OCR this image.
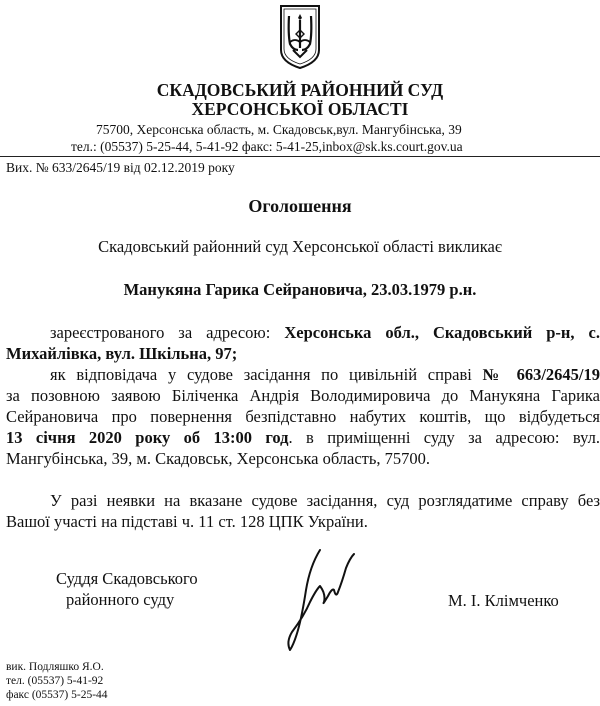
СКАДОВСЬКИЙ РАЙОННИЙ СУД
ХЕРСОНСЬКОЇ ОБЛАСТІ
75700, Херсонська область, м. Скадовськ,вул. Мангубінська, 39
тел.: (05537) 5-25-44, 5-41-92 факс: 5-41-25,inbox@sk.ks.court.gov.ua
Вих. № 633/2645/19 від 02.12.2019 року
Оголошення
Скадовський районний суд Херсонської області викликає
Манукяна Гарика Сейрановича, 23.03.1979 р.н.
зареєстрованого за адресою: Херсонська обл., Скадовський р-н, с.
Михайлівка, вул. Шкільна, 97;
як відповідача у судове засідання по цивільній справі № 663/2645/19
за позовною заявою Біліченка Андрія Володимировича до Манукяна Гарика
Сейрановича про повернення безпідставно набутих коштів, що відбудеться
13 січня 2020 року об 13:00 год. в приміщенні суду за адресою: вул.
Мангубінська, 39, м. Скадовськ, Херсонська область, 75700.
У разі неявки на вказане судове засідання, суд розглядатиме справу без
Вашої участі на підставі ч. 11 ст. 128 ЦПК України.
Суддя Скадовського
районного суду	М. І. Клімченко
вик. Подляшко Я.О.
тел. (05537) 5-41-92
факс (05537) 5-25-44
